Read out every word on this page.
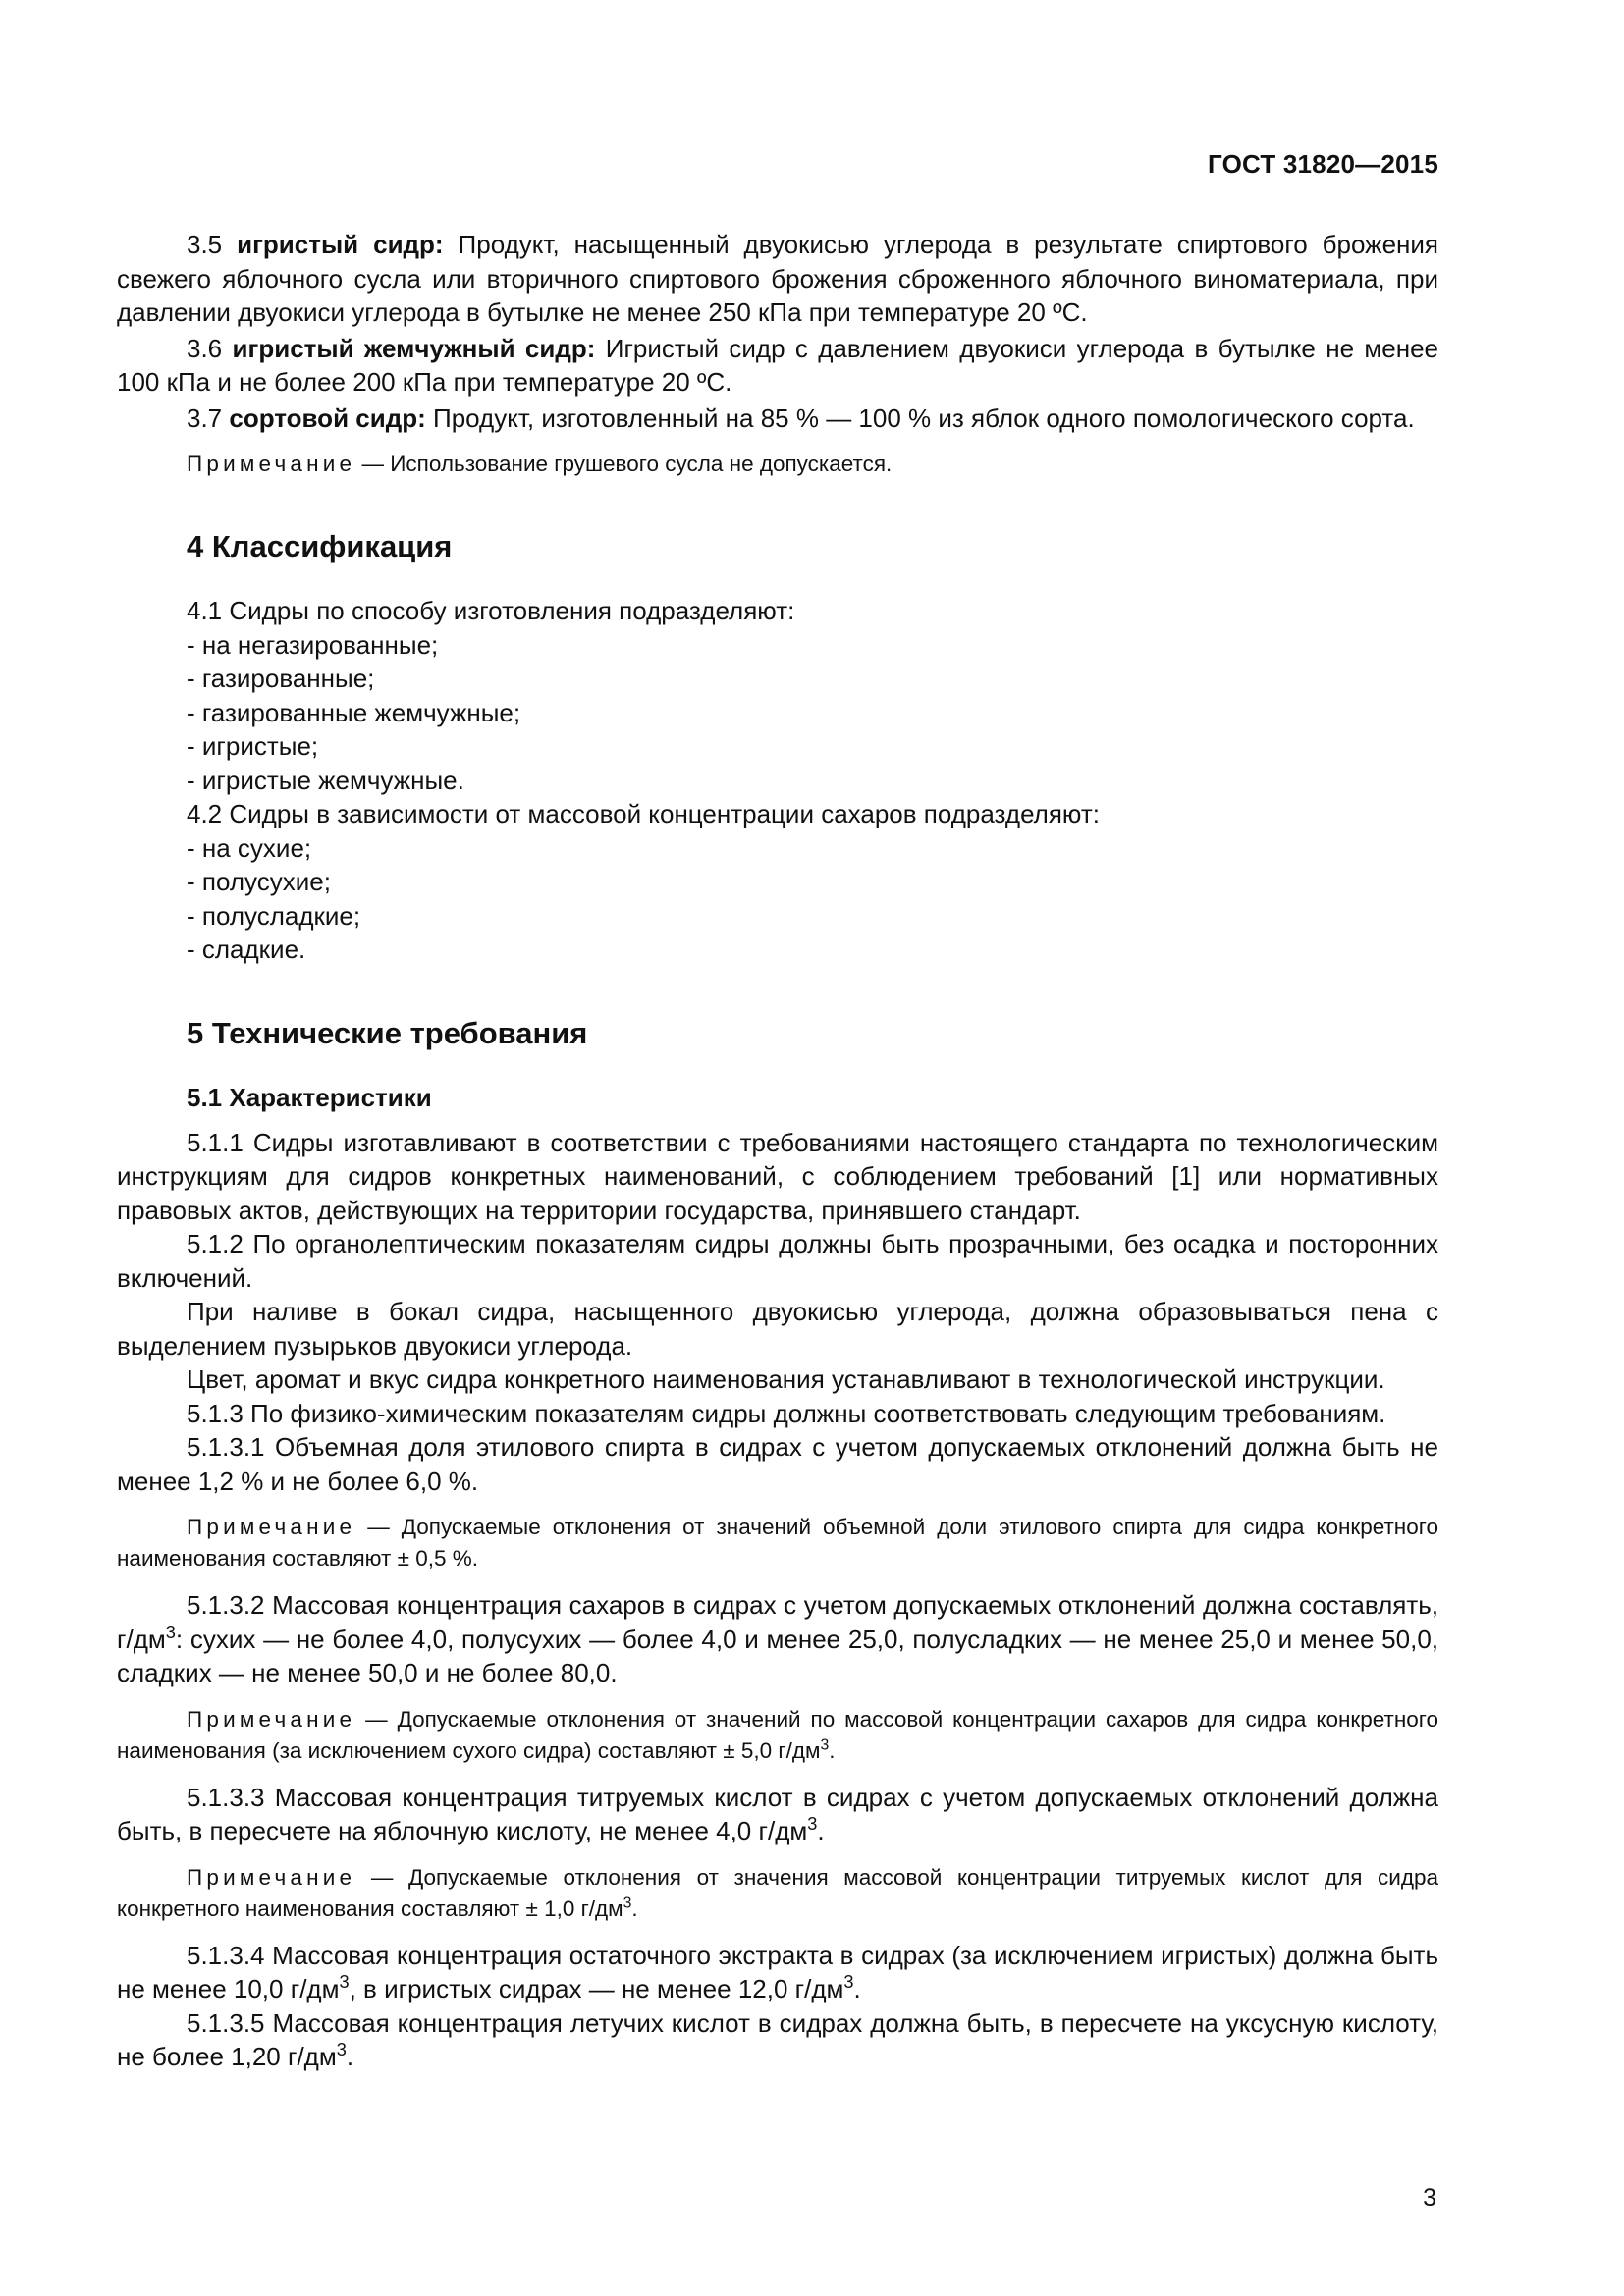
ГОСТ 31820—2015

3.5 игристый сидр: Продукт, насыщенный двуокисью углерода в результате спиртового брожения свежего яблочного сусла или вторичного спиртового брожения сброженного яблочного виноматериала, при давлении двуокиси углерода в бутылке не менее 250 кПа при температуре 20 ºС.

3.6 игристый жемчужный сидр: Игристый сидр с давлением двуокиси углерода в бутылке не менее 100 кПа и не более 200 кПа при температуре 20 ºС.

3.7 сортовой сидр: Продукт, изготовленный на 85 % — 100 % из яблок одного помологического сорта.

Примечание — Использование грушевого сусла не допускается.

4 Классификация

4.1 Сидры по способу изготовления подразделяют:

- на негазированные;

- газированные;

- газированные жемчужные;

- игристые;

- игристые жемчужные.

4.2 Сидры в зависимости от массовой концентрации сахаров подразделяют:

- на сухие;

- полусухие;

- полусладкие;

- сладкие.

5 Технические требования
5.1 Характеристики

5.1.1 Сидры изготавливают в соответствии с требованиями настоящего стандарта по технологическим инструкциям для сидров конкретных наименований, с соблюдением требований [1] или нормативных правовых актов, действующих на территории государства, принявшего стандарт.

5.1.2 По органолептическим показателям сидры должны быть прозрачными, без осадка и посторонних включений.

При наливе в бокал сидра, насыщенного двуокисью углерода, должна образовываться пена с выделением пузырьков двуокиси углерода.

Цвет, аромат и вкус сидра конкретного наименования устанавливают в технологической инструкции.

5.1.3 По физико-химическим показателям сидры должны соответствовать следующим требованиям.

5.1.3.1 Объемная доля этилового спирта в сидрах с учетом допускаемых отклонений должна быть не менее 1,2 % и не более 6,0 %.

Примечание — Допускаемые отклонения от значений объемной доли этилового спирта для сидра конкретного наименования составляют ± 0,5 %.

5.1.3.2 Массовая концентрация сахаров в сидрах с учетом допускаемых отклонений должна составлять, $г/дм^3$: сухих — не более 4,0, полусухих — более 4,0 и менее 25,0, полусладких — не менее 25,0 и менее 50,0, сладких — не менее 50,0 и не более 80,0.

Примечание — Допускаемые отклонения от значений по массовой концентрации сахаров для сидра конкретного наименования (за исключением сухого сидра) составляют ± 5,0 $г/дм^3$.

5.1.3.3 Массовая концентрация титруемых кислот в сидрах с учетом допускаемых отклонений должна быть, в пересчете на яблочную кислоту, не менее 4,0 $г/дм^3$.

Примечание — Допускаемые отклонения от значения массовой концентрации титруемых кислот для сидра конкретного наименования составляют ± 1,0 $г/дм^3$.

5.1.3.4 Массовая концентрация остаточного экстракта в сидрах (за исключением игристых) должна быть не менее 10,0 $г/дм^3$, в игристых сидрах — не менее 12,0 $г/дм^3$.

5.1.3.5 Массовая концентрация летучих кислот в сидрах должна быть, в пересчете на уксусную кислоту, не более 1,20 $г/дм^3$.

3
